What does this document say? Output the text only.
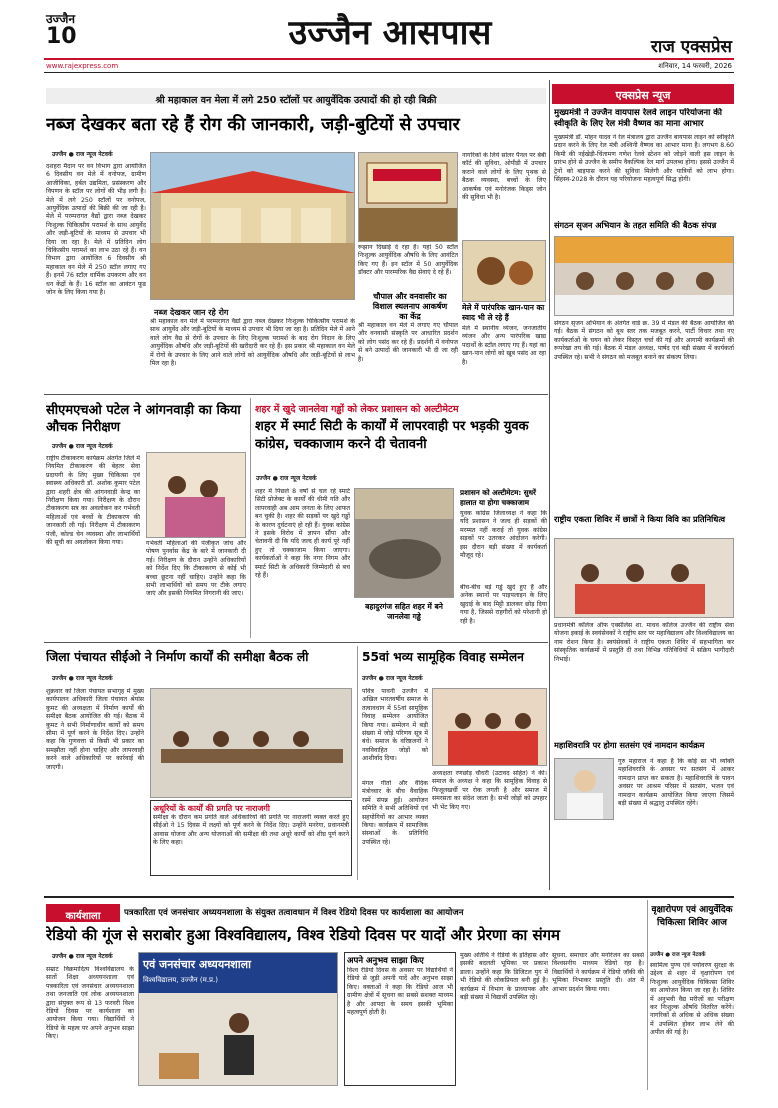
उज्जैन
10	उज्जैन आसपास	राज एक्सप्रेस
www.rajexpress.com	शनिवार, 14 फरवरी, 2026
श्री महाकाल वन मेला में लगे 250 स्टॉलों पर आयुर्वेदिक उत्पादों की हो रही बिक्री
नब्ज देखकर बता रहे हैं रोग की जानकारी, जड़ी-बुटियों से उपचार
उज्जैन ● राज न्यूज नेटवर्क
दशहरा मैदान पर वन विभाग द्वारा आयोजित 6 दिवसीय वन मेले में वनोपज, ग्रामीण आजीविका, हर्बल उद्यमिता, प्रसंस्करण और विपणन के स्टॉल पर लोगों की भीड़ लगी है। मेले में लगे 250 स्टॉलों पर वनोपज, आयुर्वेदिक उत्पादों की बिक्री की जा रही है। मेले में परम्परागत वैद्यों द्वारा नब्ज देखकर निःशुल्क चिकित्सीय परामर्श के साथ आयुर्वेद और जड़ी-बूटियों के माध्यम से उपचार भी दिया जा रहा है। मेले में प्रतिदिन लोग चिकित्सीय परामर्श का लाभ उठा रहे हैं। वन विभाग द्वारा आयोजित 6 दिवसीय श्री महाकाल वन मेले में 250 स्टॉल लगाए गए हैं। इनमें 76 स्टॉल धार्मिक उपकरण और वन धन केंद्रों के हैं। 16 स्टॉल का आवंटन फूड जोन के लिए किया गया है।
नब्ज देखकर जान रहे रोग
श्री महाकाल वन मेले में परम्परागत वैद्यों द्वारा नब्ज देखकर निःशुल्क चिकित्सीय परामर्श के साथ आयुर्वेद और जड़ी-बूटियों के माध्यम से उपचार भी दिया जा रहा है। प्रतिदिन मेले में आने वाले लोग वैद्य से रोगों के उपचार के लिए निःशुल्क परामर्श के बाद रोग निदान के लिए आयुर्वेदिक औषधि और जड़ी-बूटियों की खरीदारी कर रहे हैं। इस प्रकार श्री महाकाल वन मेले में रोगों के उपचार के लिए आने वाले लोगों को आयुर्वेदिक औषधि और जड़ी-बूटियों से लाभ मिल रहा है।
रूझान दिखाई दे रहा है। यहां 50 स्टॉल निःशुल्क आयुर्वेदिक औषधि के लिए आवंटित किए गए हैं। इन स्टॉल में 50 आयुर्वेदिक डॉक्टर और पारम्परिक वैद्य सेवाएं दे रहे हैं।
चौपाल और वनवासीर का विशाल स्थलनाप आकर्षण का केंद्र
श्री महाकाल वन मेले में लगाए गए चौपाल और वनवासी संस्कृति पर आधारित प्रदर्शन को लोग पसंद कर रहे हैं। प्रदर्शनी में वनोपज से बने उत्पादों की जानकारी भी दी जा रही है।
नागरिकों के लिये सोलर पैनल पर बेबी कॉर्ट की सुविधा, ओपीडी में उपचार कराने वाले लोगों के लिए पृथक से बैठक व्यवस्था, बच्चों के लिए आकर्षक एवं मनोरंजक किड्स जोन की सुविधा भी है।
मेले में पारंपरिक खान-पान का स्वाद भी ले रहे हैं
मेले में स्थानीय व्यंजन, जनजातीय व्यंजन और अन्य पारंपरिक खाद्य पदार्थों के स्टॉल लगाए गए हैं। यहां का खान-पान लोगों को खूब पसंद आ रहा है।
एक्सप्रेस न्यूज
मुख्यमंत्री ने उज्जैन वायपास रेलवे लाइन परियोजना की स्वीकृति के लिए रेल मंत्री वैष्णव का माना आभार
मुख्यमंत्री डॉ. मोहन यादव ने रेल मंत्रालय द्वारा उज्जैन बायपास लाइन को स्वीकृति प्रदान करने के लिए रेल मंत्री अश्विनी वैष्णव का आभार माना है। लगभग 8.60 किमी की नईखेड़ी-चिंतामण गणेश रेलवे स्टेशन को जोड़ने वाली इस लाइन के प्रारंभ होने से उज्जैन के समीप वैकल्पिक रेल मार्ग उपलब्ध होगा। इससे उज्जैन में ट्रेनों को बाइपास करने की सुविधा मिलेगी और यात्रियों को लाभ होगा। सिंहस्थ-2028 के दौरान यह परियोजना महत्वपूर्ण सिद्ध होगी।
संगठन सृजन अभियान के तहत समिति की बैठक संपन्न
संगठन सृजन अभियान के अंतर्गत वार्ड क्र. 39 में मंडल की बैठक आयोजित की गई। बैठक में संगठन को बूथ स्तर तक मजबूत करने, पार्टी विचार तथा नए कार्यकर्ताओं के चयन को लेकर विस्तृत चर्चा की गई और आगामी कार्यक्रमों की रूपरेखा तय की गई। बैठक में मंडल अध्यक्ष, पार्षद एवं बड़ी संख्या में कार्यकर्ता उपस्थित रहे। सभी ने संगठन को मजबूत बनाने का संकल्प लिया।
राष्ट्रीय एकता शिविर में छात्रों ने किया विवि का प्रतिनिधित्व
प्रधानमंत्री कॉलेज ऑफ एक्सीलेंस शा. माधव कॉलेज उज्जैन की राष्ट्रीय सेवा योजना इकाई के स्वयंसेवकों ने राष्ट्रीय स्तर पर महाविद्यालय और विश्वविद्यालय का नाम रोशन किया है। स्वयंसेवकों ने राष्ट्रीय एकता शिविर में सहभागिता कर सांस्कृतिक कार्यक्रमों में प्रस्तुति दी तथा विभिन्न गतिविधियों में सक्रिय भागीदारी निभाई।
महाशिवरात्रि पर होगा सतसंग एवं नामदान कार्यक्रम
गुरु महाराज ने कहा है कि कोई सा भी व्यक्ति महाशिवरात्रि के अवसर पर सतसंग में आकर नामदान प्राप्त कर सकता है। महाशिवरात्रि के पावन अवसर पर आश्रम परिसर में सतसंग, भजन एवं नामदान कार्यक्रम आयोजित किया जाएगा जिसमें बड़ी संख्या में श्रद्धालु उपस्थित रहेंगे।
सीएमएचओ पटेल ने आंगनवाड़ी का किया औचक निरीक्षण
उज्जैन ● राज न्यूज नेटवर्क
राष्ट्रीय टीकाकरण कार्यक्रम अंतर्गत जिले में नियमित टीकाकरण की बेहतर सेवा प्रदायगी के लिए मुख्य चिकित्सा एवं स्वास्थ्य अधिकारी डॉ. अशोक कुमार पटेल द्वारा शहरी क्षेत्र की आंगनवाड़ी केन्द्र का निरीक्षण किया गया। निरीक्षण के दौरान टीकाकरण सत्र का अवलोकन कर गर्भवती महिलाओं एवं बच्चों के टीकाकरण की जानकारी ली गई। निरीक्षण में टीकाकरण पंजी, कोल्ड चेन व्यवस्था और लाभार्थियों की सूची का अवलोकन किया गया।	गर्भवती महिलाओं की पंजीकृत जांच और पोषण पुनर्वास केंद्र के बारे में जानकारी दी गई। निरीक्षण के दौरान उन्होंने अधिकारियों को निर्देश दिए कि टीकाकरण से कोई भी बच्चा छूटना नहीं चाहिए। उन्होंने कहा कि सभी लाभार्थियों को समय पर टीके लगाए जाएं और इसकी नियमित निगरानी की जाए।
शहर में खुदे जानलेवा गड्ढों को लेकर प्रशासन को अल्टीमेटम
शहर में स्मार्ट सिटी के कार्यों में लापरवाही पर भड़की युवक कांग्रेस, चक्काजाम करने दी चेतावनी
उज्जैन ● राज न्यूज नेटवर्क
शहर में पिछले 8 वर्षों से चल रहे स्मार्ट सिटी प्रोजेक्ट के कार्यों की धीमी गति और लापरवाही अब आम जनता के लिए आफत बन चुकी है। शहर की सड़कों पर खुदे गड्ढों के कारण दुर्घटनाएं हो रही हैं। युवक कांग्रेस ने इसके विरोध में ज्ञापन सौंपा और चेतावनी दी कि यदि जल्द ही कार्य पूरे नहीं हुए तो चक्काजाम किया जाएगा। कार्यकर्ताओं ने कहा कि नगर निगम और स्मार्ट सिटी के अधिकारी जिम्मेदारी से बच रहे हैं।
बहादुरगंज सहित शहर में बने जानलेवा गड्ढे
प्रशासन को अल्टीमेटम: सुधरें हालात या होगा चक्काजाम
युवक कांग्रेस जिलाध्यक्ष ने कहा कि यदि प्रशासन ने जल्द ही सड़कों की मरम्मत नहीं कराई तो युवक कांग्रेस सड़कों पर उतरकर आंदोलन करेगी। इस दौरान बड़ी संख्या में कार्यकर्ता मौजूद रहे।
बीच-बीच बड़े गड्ढे खुदे हुए हैं और अनेक स्थानों पर पाइपलाइन के लिए खुदाई के बाद मिट्टी डालकर छोड़ दिया गया है, जिससे राहगीरों को परेशानी हो रही है।
जिला पंचायत सीईओ ने निर्माण कार्यों की समीक्षा बैठक ली
उज्जैन ● राज न्यूज नेटवर्क
शुक्रवार को जिला पंचायत सभागृह में मुख्य कार्यपालन अधिकारी जिला पंचायत श्रेयांस कुमट की अध्यक्षता में निर्माण कार्यों की समीक्षा बैठक आयोजित की गई। बैठक में कुमट ने सभी निर्माणाधीन कार्यों को समय सीमा में पूर्ण करने के निर्देश दिए। उन्होंने कहा कि गुणवत्ता से किसी भी प्रकार का समझौता नहीं होना चाहिए और लापरवाही करने वाले अधिकारियों पर कार्रवाई की जाएगी।
अधूरियों के कार्यों की प्रगति पर नाराजगी
समीक्षा के दौरान कम प्रगति वाले अधिकारियों की प्रगति पर नाराजगी व्यक्त करते हुए सीईओ ने 15 दिवस में लक्ष्यों को पूर्ण करने के निर्देश दिए। उन्होंने मनरेगा, प्रधानमंत्री आवास योजना और अन्य योजनाओं की समीक्षा की तथा अधूरे कार्यों को शीघ्र पूर्ण करने के लिए कहा।
55वां भव्य सामूहिक विवाह सम्मेलन
उज्जैन ● राज न्यूज नेटवर्क
पवित्र पावनी उज्जैन में अखिल भारतवर्षीय समाज के तत्वावधान में 55वां सामूहिक विवाह सम्मेलन आयोजित किया गया। सम्मेलन में बड़ी संख्या में जोड़े परिणय सूत्र में बंधे। समाज के वरिष्ठजनों ने नवविवाहित जोड़ों को आशीर्वाद दिया।
मंगल गीतों और वैदिक मंत्रोच्चार के बीच वैवाहिक रस्में संपन्न हुईं। आयोजन समिति ने सभी अतिथियों एवं सहयोगियों का आभार व्यक्त किया। कार्यक्रम में सामाजिक संस्थाओं के प्रतिनिधि उपस्थित रहे।
अध्यक्षता रणछोड़ चौधरी (उटावद सहित) ने की। समाज के अध्यक्ष ने कहा कि सामूहिक विवाह से फिजूलखर्ची पर रोक लगती है और समाज में समरसता का संदेश जाता है। सभी जोड़ों को उपहार भी भेंट किए गए।
कार्यशाला	पत्रकारिता एवं जनसंचार अध्ययनशाला के संयुक्त तत्वावधान में विश्व रेडियो दिवस पर कार्यशाला का आयोजन
रेडियो की गूंज से सराबोर हुआ विश्वविद्यालय, विश्व रेडियो दिवस पर यादों और प्रेरणा का संगम
उज्जैन ● राज न्यूज नेटवर्क
सम्राट विक्रमादित्य विश्वविद्यालय के सातों शिक्षा अध्ययनशाला एवं पत्रकारिता एवं जनसंचार अध्ययनशाला तथा जनजाति एवं लोक अध्ययनशाला द्वारा संयुक्त रूप से 13 फरवरी विश्व रेडियो दिवस पर कार्यशाला का आयोजन किया गया। विद्यार्थियों ने रेडियो के महत्व पर अपने अनुभव साझा किए।
एवं जनसंचार अध्ययनशाला
विश्वविद्यालय, उज्जैन (म.प्र.)
अपने अनुभव साझा किए
विश्व रेडियो दिवस के अवसर पर विद्यार्थियों ने रेडियो से जुड़ी अपनी यादें और अनुभव साझा किए। वक्ताओं ने कहा कि रेडियो आज भी ग्रामीण क्षेत्रों में सूचना का सबसे सशक्त माध्यम है और आपदा के समय इसकी भूमिका महत्वपूर्ण होती है।
मुख्य अतिथि ने रेडियो के इतिहास और इसकी बदलती भूमिका पर प्रकाश डाला। उन्होंने कहा कि डिजिटल युग में भी रेडियो की लोकप्रियता बनी हुई है। कार्यक्रम में विभाग के प्राध्यापक और बड़ी संख्या में विद्यार्थी उपस्थित रहे।
सूचना, समाचार और मनोरंजन का सबसे विश्वसनीय माध्यम रेडियो रहा है। विद्यार्थियों ने कार्यक्रम में रेडियो जॉकी की भूमिका निभाकर प्रस्तुति दी। अंत में आभार प्रदर्शन किया गया।
वृक्षारोपण एवं आयुर्वेदिक चिकित्सा शिविर आज
उज्जैन ● राज न्यूज नेटवर्क
स्वामित्व पुण्य एवं पर्यावरण सुरक्षा के उद्देश्य से शहर में वृक्षारोपण एवं निःशुल्क आयुर्वेदिक चिकित्सा शिविर का आयोजन किया जा रहा है। शिविर में अनुभवी वैद्य मरीजों का परीक्षण कर निःशुल्क औषधि वितरित करेंगे। नागरिकों से अधिक से अधिक संख्या में उपस्थित होकर लाभ लेने की अपील की गई है।
